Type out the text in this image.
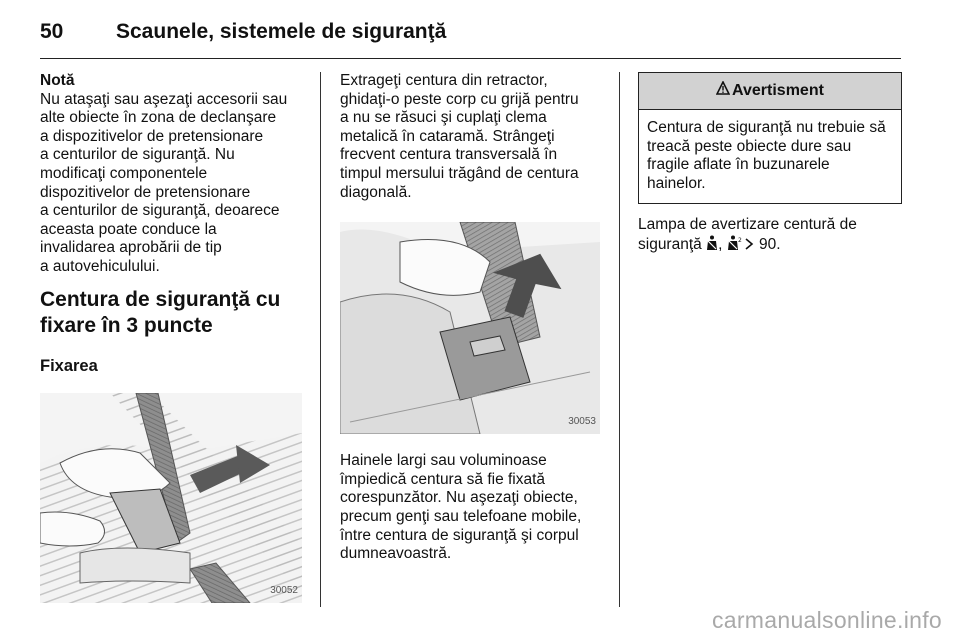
50	Scaunele, sistemele de siguranţă
Notă

Nu ataşaţi sau aşezaţi accesorii sau
alte obiecte în zona de declanşare
a dispozitivelor de pretensionare
a centurilor de siguranţă. Nu
modificaţi componentele
dispozitivelor de pretensionare
a centurilor de siguranţă, deoarece
aceasta poate conduce la
invalidarea aprobării de tip
a autovehiculului.

Centura de siguranţă cu
fixare în 3 puncte
Fixarea
30052

Extrageţi centura din retractor,
ghidaţi-o peste corp cu grijă pentru
a nu se răsuci şi cuplaţi clema
metalică în cataramă. Strângeţi
frecvent centura transversală în
timpul mersului trăgând de centura
diagonală.

30053

Hainele largi sau voluminoase
împiedică centura să fie fixată
corespunzător. Nu aşezaţi obiecte,
precum genţi sau telefoane mobile,
între centura de siguranţă şi corpul
dumneavoastră.

Avertisment
Centura de siguranţă nu trebuie să
treacă peste obiecte dure sau
fragile aflate în buzunarele
hainelor.
Lampa de avertizare centură de
siguranţă , 2 90.
carmanualsonline.info
